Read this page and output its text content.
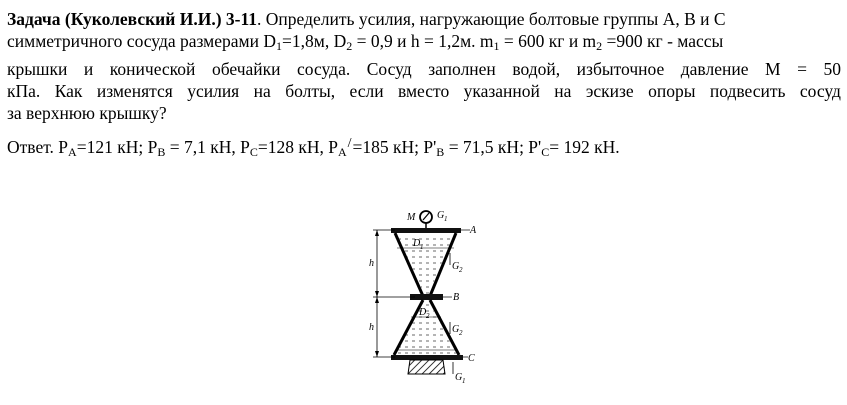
Задача (Куколевский И.И.) 3-11. Определить усилия, нагружающие болтовые группы А, В и С
симметричного сосуда размерами $D_1=1,8м$, $D_2 = 0,9$ и h = 1,2м. $m_1 = 600$ кг и $m_2 =900$ кг - массы
крышки и конической обечайки сосуда. Сосуд заполнен водой, избыточное давление М = 50
кПа. Как изменятся усилия на болты, если вместо указанной на эскизе опоры подвесить сосуд
за верхнюю крышку?
Ответ. $P_А=121$ кН; $P_В = 7,1$ кН, $P_С=128$ кН, $P_А^/=185$ кН; $P'_В = 71,5$ кН; $P'_С= 192$ кН.
M G 1
A
D 1
G 2
h
B
D 2
G 2
h
C
G 1
